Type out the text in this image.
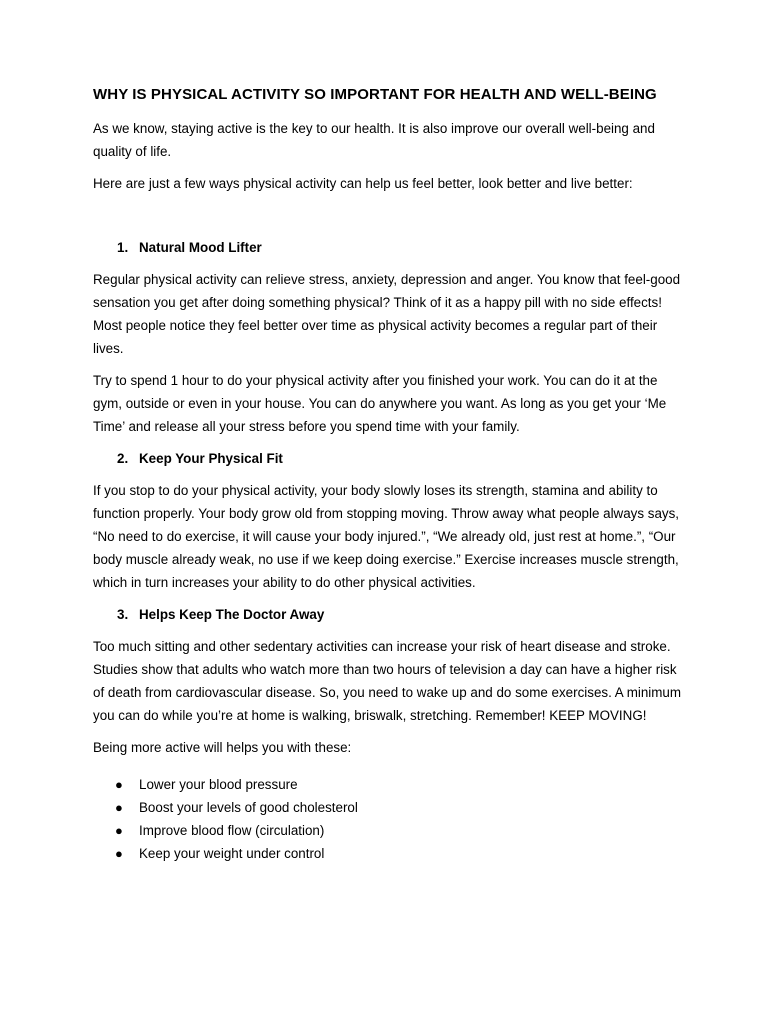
WHY IS PHYSICAL ACTIVITY SO IMPORTANT FOR HEALTH AND WELL-BEING

As we know, staying active is the key to our health. It is also improve our overall well-being and quality of life.

Here are just a few ways physical activity can help us feel better, look better and live better:

1. Natural Mood Lifter

Regular physical activity can relieve stress, anxiety, depression and anger. You know that feel-good sensation you get after doing something physical? Think of it as a happy pill with no side effects! Most people notice they feel better over time as physical activity becomes a regular part of their lives.

Try to spend 1 hour to do your physical activity after you finished your work. You can do it at the gym, outside or even in your house. You can do anywhere you want. As long as you get your ‘Me Time’ and release all your stress before you spend time with your family.

2. Keep Your Physical Fit

If you stop to do your physical activity, your body slowly loses its strength, stamina and ability to function properly. Your body grow old from stopping moving. Throw away what people always says, “No need to do exercise, it will cause your body injured.”, “We already old, just rest at home.”, “Our body muscle already weak, no use if we keep doing exercise.” Exercise increases muscle strength, which in turn increases your ability to do other physical activities.

3. Helps Keep The Doctor Away

Too much sitting and other sedentary activities can increase your risk of heart disease and stroke. Studies show that adults who watch more than two hours of television a day can have a higher risk of death from cardiovascular disease. So, you need to wake up and do some exercises. A minimum you can do while you’re at home is walking, briswalk, stretching. Remember! KEEP MOVING!

Being more active will helps you with these:

●	Lower your blood pressure
●	Boost your levels of good cholesterol
●	Improve blood flow (circulation)
●	Keep your weight under control
